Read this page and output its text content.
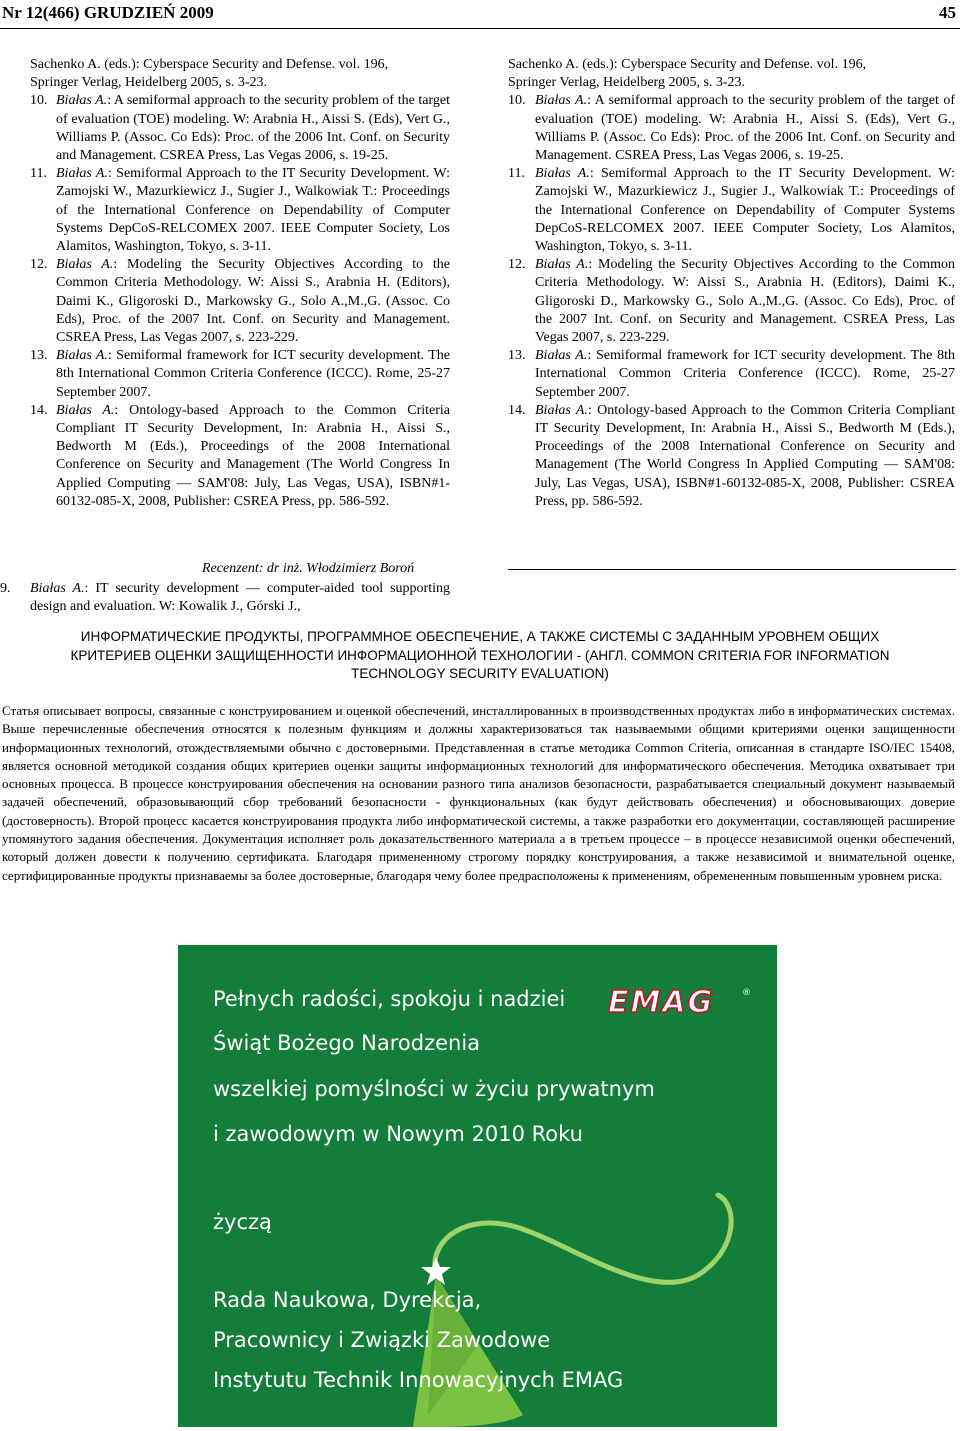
Nr 12(466) GRUDZIEŃ 2009	45
Sachenko A. (eds.): Cyberspace Security and Defense. vol. 196,
Springer Verlag, Heidelberg 2005, s. 3-23.
10. Białas A.: A semiformal approach to the security problem of the target of evaluation (TOE) modeling. W: Arabnia H., Aissi S. (Eds), Vert G., Williams P. (Assoc. Co Eds): Proc. of the 2006 Int. Conf. on Security and Management. CSREA Press, Las Vegas 2006, s. 19-25.
11. Białas A.: Semiformal Approach to the IT Security Development. W: Zamojski W., Mazurkiewicz J., Sugier J., Walkowiak T.: Proceedings of the International Conference on Dependability of Computer Systems DepCoS-RELCOMEX 2007. IEEE Computer Society, Los Alamitos, Washington, Tokyo, s. 3-11.
12. Białas A.: Modeling the Security Objectives According to the Common Criteria Methodology. W: Aissi S., Arabnia H. (Editors), Daimi K., Gligoroski D., Markowsky G., Solo A.,M.,G. (Assoc. Co Eds), Proc. of the 2007 Int. Conf. on Security and Management. CSREA Press, Las Vegas 2007, s. 223-229.
13. Białas A.: Semiformal framework for ICT security development. The 8th International Common Criteria Conference (ICCC). Rome, 25-27 September 2007.
14. Białas A.: Ontology-based Approach to the Common Criteria Compliant IT Security Development, In: Arabnia H., Aissi S., Bedworth M (Eds.), Proceedings of the 2008 International Conference on Security and Management (The World Congress In Applied Computing — SAM'08: July, Las Vegas, USA), ISBN#1-60132-085-X, 2008, Publisher: CSREA Press, pp. 586-592.
Sachenko A. (eds.): Cyberspace Security and Defense. vol. 196,
Springer Verlag, Heidelberg 2005, s. 3-23.
10. Białas A.: A semiformal approach to the security problem of the target of evaluation (TOE) modeling. W: Arabnia H., Aissi S. (Eds), Vert G., Williams P. (Assoc. Co Eds): Proc. of the 2006 Int. Conf. on Security and Management. CSREA Press, Las Vegas 2006, s. 19-25.
11. Białas A.: Semiformal Approach to the IT Security Development. W: Zamojski W., Mazurkiewicz J., Sugier J., Walkowiak T.: Proceedings of the International Conference on Dependability of Computer Systems DepCoS-RELCOMEX 2007. IEEE Computer Society, Los Alamitos, Washington, Tokyo, s. 3-11.
12. Białas A.: Modeling the Security Objectives According to the Common Criteria Methodology. W: Aissi S., Arabnia H. (Editors), Daimi K., Gligoroski D., Markowsky G., Solo A.,M.,G. (Assoc. Co Eds), Proc. of the 2007 Int. Conf. on Security and Management. CSREA Press, Las Vegas 2007, s. 223-229.
13. Białas A.: Semiformal framework for ICT security development. The 8th International Common Criteria Conference (ICCC). Rome, 25-27 September 2007.
14. Białas A.: Ontology-based Approach to the Common Criteria Compliant IT Security Development, In: Arabnia H., Aissi S., Bedworth M (Eds.), Proceedings of the 2008 International Conference on Security and Management (The World Congress In Applied Computing — SAM'08: July, Las Vegas, USA), ISBN#1-60132-085-X, 2008, Publisher: CSREA Press, pp. 586-592.
Recenzent: dr inż. Włodzimierz Boroń
9.	Białas A.: IT security development — computer-aided tool supporting design and evaluation. W: Kowalik J., Górski J.,
ИНФОРМАТИЧЕСКИЕ ПРОДУКТЫ, ПРОГРАММНОЕ ОБЕСПЕЧЕНИЕ, А ТАКЖЕ СИСТЕМЫ С ЗАДАННЫМ УРОВНЕМ ОБЩИХ
КРИТЕРИЕВ ОЦЕНКИ ЗАЩИЩЕННОСТИ ИНФОРМАЦИОННОЙ ТЕХНОЛОГИИ - (АНГЛ. COMMON CRITERIA FOR INFORMATION
TECHNOLOGY SECURITY EVALUATION)
Статья описывает вопросы, связанные с конструированием и оценкой обеспечений, инсталлированных в производственных продуктах либо в информатических системах. Выше перечисленные обеспечения относятся к полезным функциям и должны характеризоваться так называемыми общими критериями оценки защищенности информационных технологий, отождествляемыми обычно с достоверными. Представленная в статье методика Common Criteria, описанная в стандарте ISO/IEC 15408, является основной методикой создания общих критериев оценки защиты информационных технологий для информатического обеспечения. Методика охватывает три основных процесса. В процессе конструирования обеспечения на основании разного типа анализов безопасности, разрабатывается специальный документ называемый задачей обеспечений, образовывающий сбор требований безопасности - функциональных (как будут действовать обеспечения) и обосновывающих доверие (достоверность). Второй процесс касается конструирования продукта либо информатической системы, а также разработки его документации, составляющей расширение упомянутого задания обеспечения. Документация исполняет роль доказательственного материала а в третьем процессе – в процессе независимой оценки обеспечений, который должен довести к получению сертификата. Благодаря примененному строгому порядку конструирования, а также независимой и внимательной оценке, сертифицированные продукты признаваемы за более достоверные, благодаря чему более предрасположены к применениям, обремененным повышенным уровнем риска.
Pełnych radości, spokoju i nadziei
Świąt Bożego Narodzenia
wszelkiej pomyślności w życiu prywatnym
i zawodowym w Nowym 2010 Roku
życzą
Rada Naukowa, Dyrekcja,
Pracownicy i Związki Zawodowe
Instytutu Technik Innowacyjnych EMAG
EMAG	®
